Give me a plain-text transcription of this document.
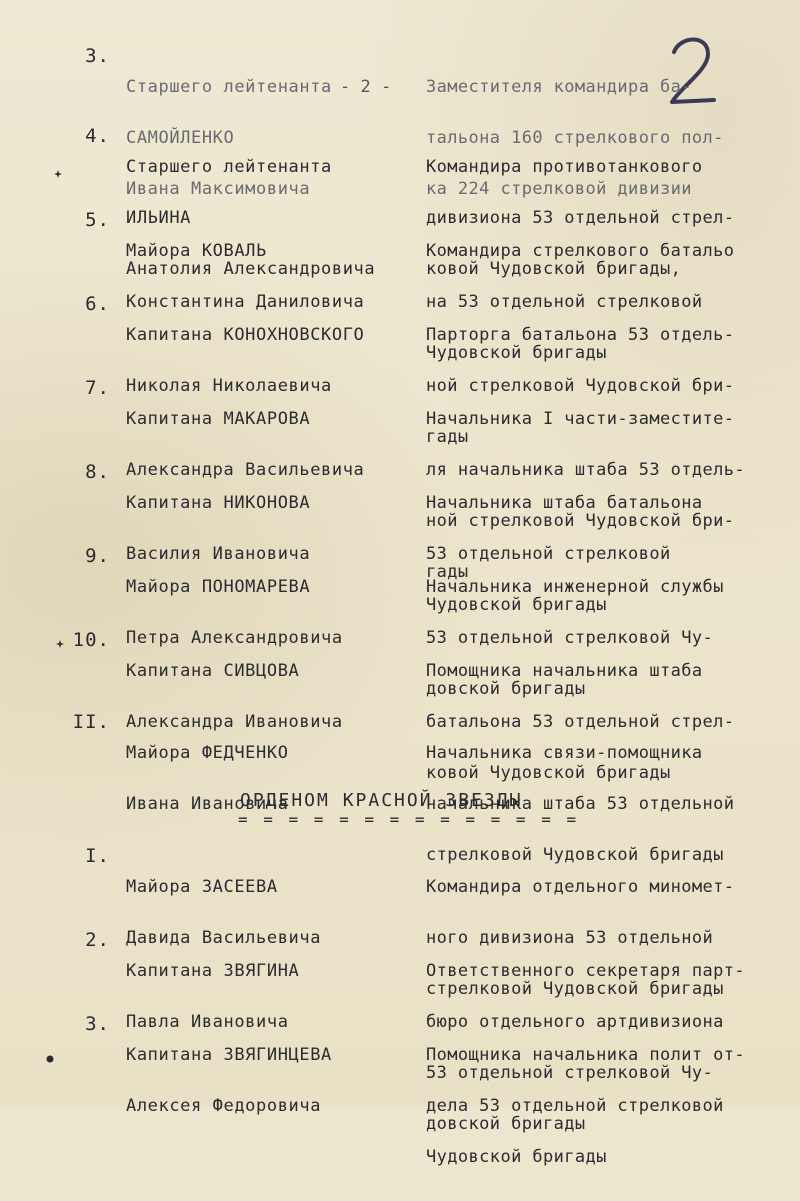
- 2 -
3.

Старшего лейтенанта

САМОЙЛЕНКО

Ивана Максимовича

Заместителя командира ба-

тальона 160 стрелкового пол-

ка 224 стрелковой дивизии

4.

Старшего лейтенанта

ИЛЬИНА

Анатолия Александровича

Командира противотанкового

дивизиона 53 отдельной стрел-

ковой Чудовской бригады,

5.

Майора КОВАЛЬ

Константина Даниловича

Командира стрелкового батальо

на 53 отдельной стрелковой

Чудовской бригады

6.

Капитана КОНОХНОВСКОГО

Николая Николаевича

Парторга батальона 53 отдель-

ной стрелковой Чудовской бри-

гады

7.

Капитана МАКАРОВА

Александра Васильевича

Начальника I части-заместите-

ля начальника штаба 53 отдель-

ной стрелковой Чудовской бри-

гады

8.

Капитана НИКОНОВА

Василия Ивановича

Начальника штаба батальона

53 отдельной стрелковой

Чудовской бригады

9.

Майора ПОНОМАРЕВА

Петра Александровича

Начальника инженерной службы

53 отдельной стрелковой Чу-

довской бригады

10.

Капитана СИВЦОВА

Александра Ивановича

Помощника начальника штаба

батальона 53 отдельной стрел-

ковой Чудовской бригады

II.

Майора ФЕДЧЕНКО

Ивана Ивановича

Начальника связи-помощника

начальника штаба 53 отдельной

стрелковой Чудовской бригады

ОРДЕНОМ КРАСНОЙ ЗВЕЗДЫ
= = = = = = = = = = = = = =
I.

Майора ЗАСЕЕВА

Давида Васильевича

Командира отдельного миномет-

ного дивизиона 53 отдельной

стрелковой Чудовской бригады

2.

Капитана ЗВЯГИНА

Павла Ивановича

Ответственного секретаря парт-

бюро отдельного артдивизиона

53 отдельной стрелковой Чу-

довской бригады

3.

Капитана ЗВЯГИНЦЕВА

Алексея Федоровича

Помощника начальника полит от-

дела 53 отдельной стрелковой

Чудовской бригады
